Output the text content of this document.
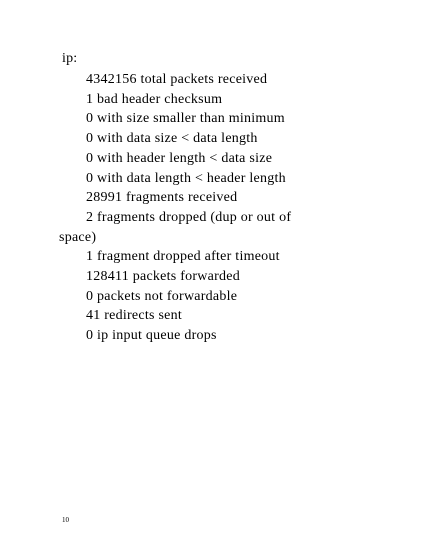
ip:
4342156 total packets received
1 bad header checksum
0 with size smaller than minimum
0 with data size < data length
0 with header length < data size
0 with data length < header length
28991 fragments received
2 fragments dropped (dup or out of
space)
1 fragment dropped after timeout
128411 packets forwarded
0 packets not forwardable
41 redirects sent
0 ip input queue drops
10
